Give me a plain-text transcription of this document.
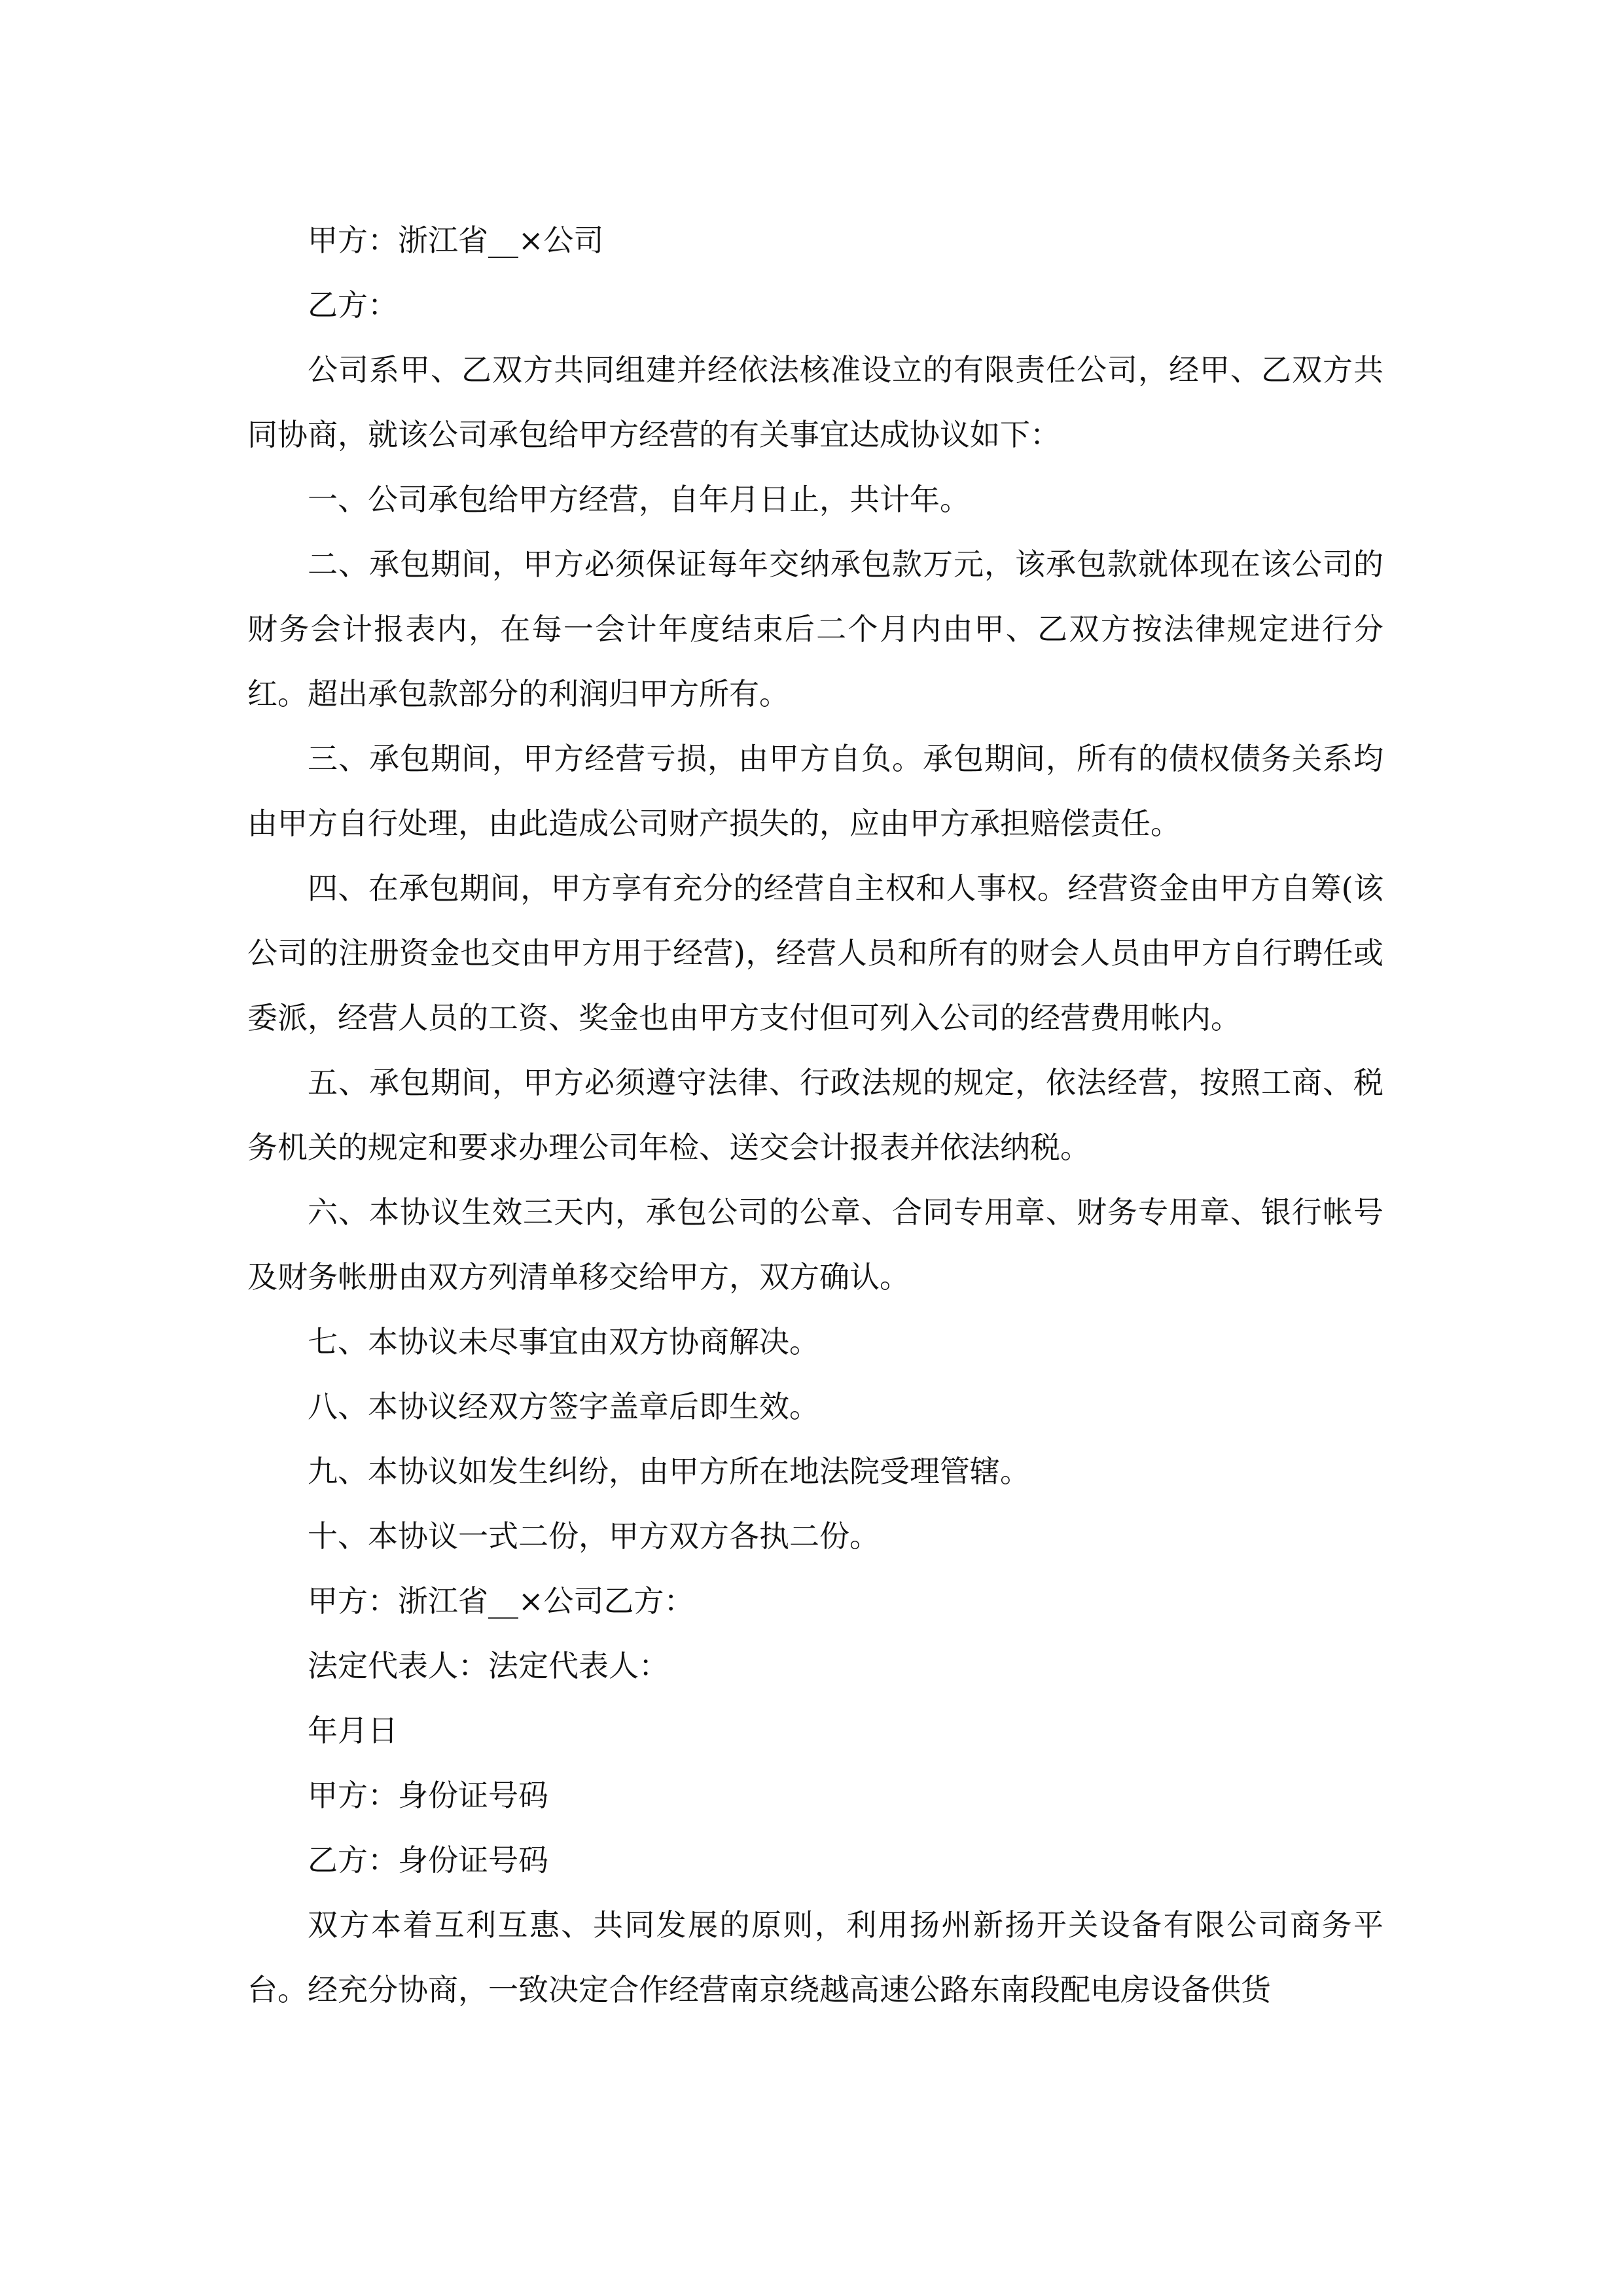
甲方：浙江省__×公司

乙方：

公司系甲、乙双方共同组建并经依法核准设立的有限责任公司，经甲、乙双方共同协商，就该公司承包给甲方经营的有关事宜达成协议如下：

一、公司承包给甲方经营，自年月日止，共计年。

二、承包期间，甲方必须保证每年交纳承包款万元，该承包款就体现在该公司的财务会计报表内，在每一会计年度结束后二个月内由甲、乙双方按法律规定进行分红。超出承包款部分的利润归甲方所有。

三、承包期间，甲方经营亏损，由甲方自负。承包期间，所有的债权债务关系均由甲方自行处理，由此造成公司财产损失的，应由甲方承担赔偿责任。

四、在承包期间，甲方享有充分的经营自主权和人事权。经营资金由甲方自筹(该公司的注册资金也交由甲方用于经营)，经营人员和所有的财会人员由甲方自行聘任或委派，经营人员的工资、奖金也由甲方支付但可列入公司的经营费用帐内。

五、承包期间，甲方必须遵守法律、行政法规的规定，依法经营，按照工商、税务机关的规定和要求办理公司年检、送交会计报表并依法纳税。

六、本协议生效三天内，承包公司的公章、合同专用章、财务专用章、银行帐号及财务帐册由双方列清单移交给甲方，双方确认。

七、本协议未尽事宜由双方协商解决。

八、本协议经双方签字盖章后即生效。

九、本协议如发生纠纷，由甲方所在地法院受理管辖。

十、本协议一式二份，甲方双方各执二份。

甲方：浙江省__×公司乙方：

法定代表人：法定代表人：

年月日

甲方：身份证号码

乙方：身份证号码

双方本着互利互惠、共同发展的原则，利用扬州新扬开关设备有限公司商务平台。经充分协商，一致决定合作经营南京绕越高速公路东南段配电房设备供货
